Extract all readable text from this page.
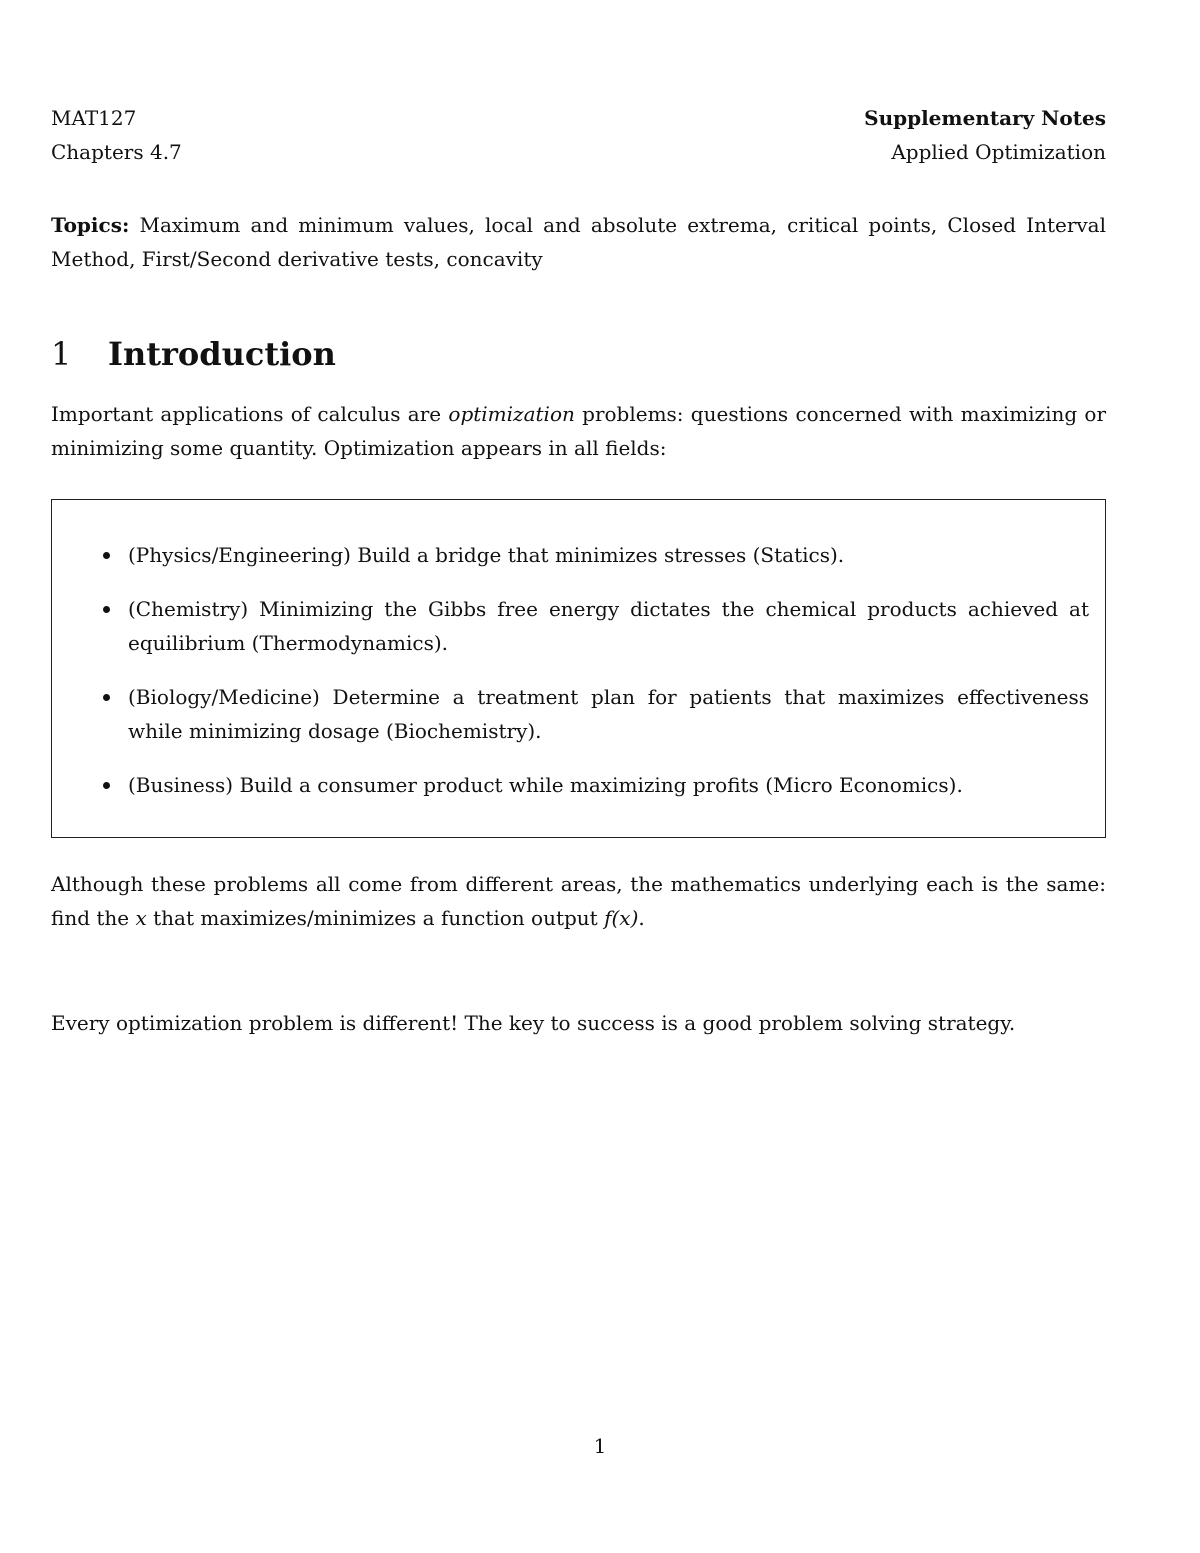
MAT127	Supplementary Notes
Chapters 4.7	Applied Optimization
Topics: Maximum and minimum values, local and absolute extrema, critical points, Closed Interval Method, First/Second derivative tests, concavity
1	Introduction
Important applications of calculus are optimization problems: questions concerned with maximizing or minimizing some quantity. Optimization appears in all fields:
(Physics/Engineering) Build a bridge that minimizes stresses (Statics).
(Chemistry) Minimizing the Gibbs free energy dictates the chemical products achieved at equilibrium (Thermodynamics).
(Biology/Medicine) Determine a treatment plan for patients that maximizes effectiveness while minimizing dosage (Biochemistry).
(Business) Build a consumer product while maximizing profits (Micro Economics).
Although these problems all come from different areas, the mathematics underlying each is the same: find the x that maximizes/minimizes a function output f(x).
Every optimization problem is different! The key to success is a good problem solving strategy.
1
